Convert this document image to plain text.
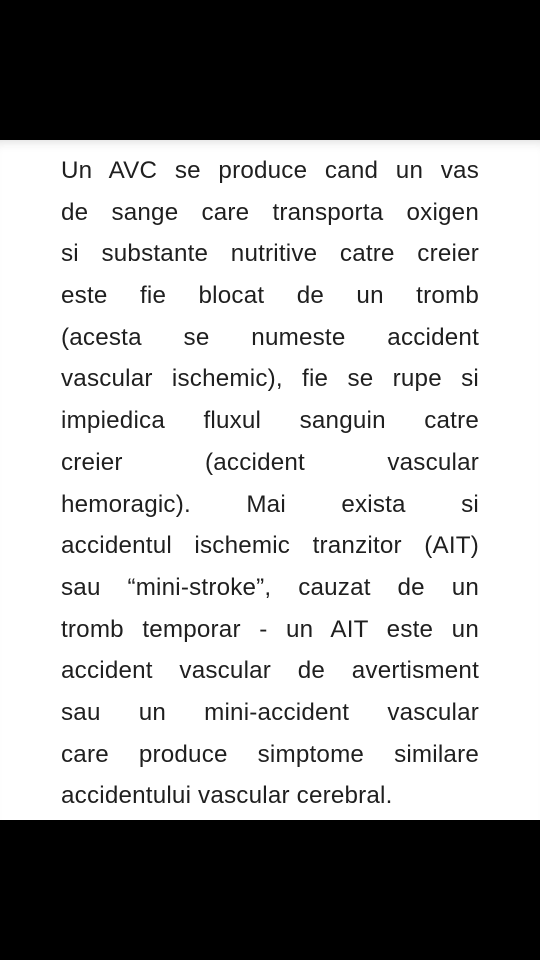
Un AVC se produce cand un vas
de sange care transporta oxigen
si substante nutritive catre creier
este fie blocat de un tromb
(acesta se numeste accident
vascular ischemic), fie se rupe si
impiedica fluxul sanguin catre
creier (accident vascular
hemoragic). Mai exista si
accidentul ischemic tranzitor (AIT)
sau “mini-stroke”, cauzat de un
tromb temporar - un AIT este un
accident vascular de avertisment
sau un mini-accident vascular
care produce simptome similare
accidentului vascular cerebral.
